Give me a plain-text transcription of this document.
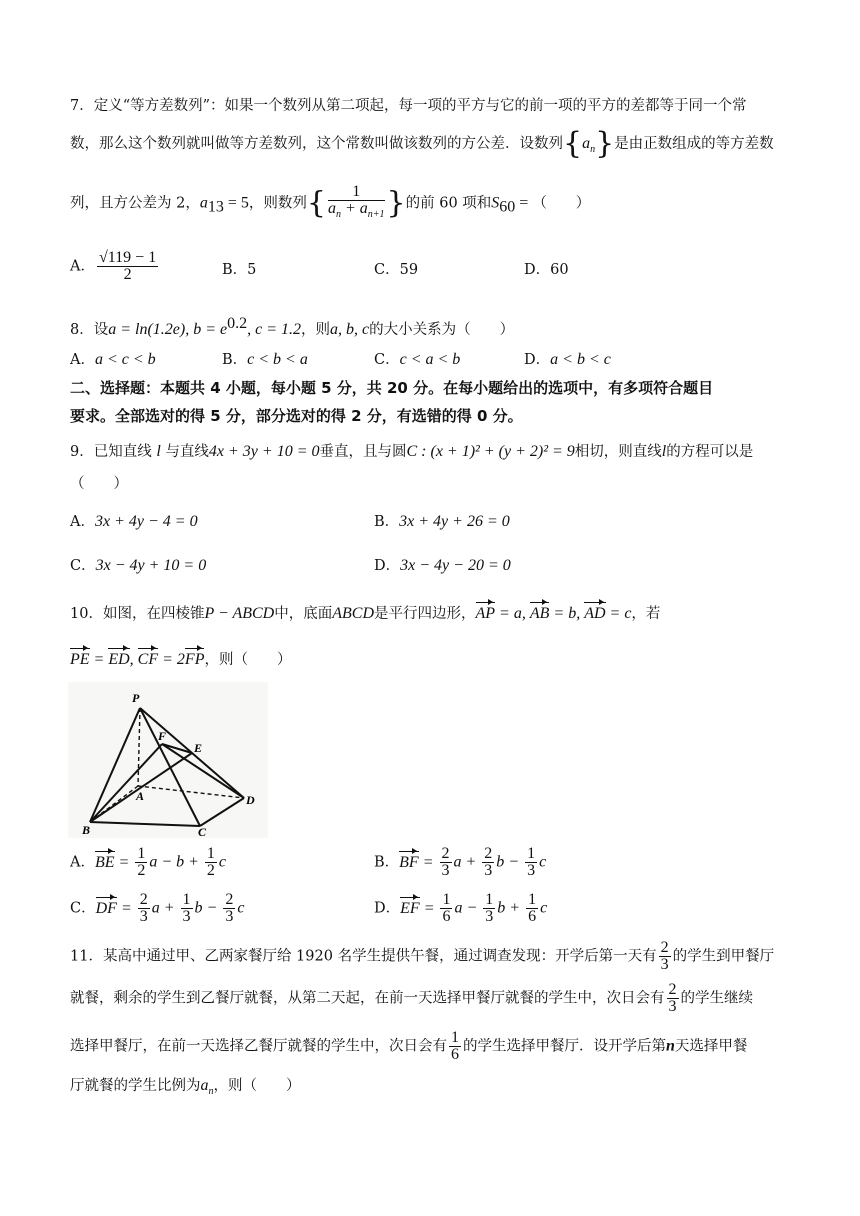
7．定义“等方差数列”：如果一个数列从第二项起，每一项的平方与它的前一项的平方的差都等于同一个常
数，那么这个数列就叫做等方差数列，这个常数叫做该数列的方公差．设数列$\{a_n\}$是由正数组成的等方差数
列，且方公差为 2，$a_{13} = 5$，则数列{ $\frac{1}{a_n + a_{n+1}}$ }的前 60 项和$S_{60}$ = （　　）
A． $\frac{√119 - 1}{2}$	B．5	C．59	D．60
8．设a = ln(1.2e), $b = e^{0.2}$, c = 1.2，则a, b, c的大小关系为（　　）
A．a < c < b	B．c < b < a	C．c < a < b	D．a < b < c
二、选择题：本题共 4 小题，每小题 5 分，共 20 分。在每小题给出的选项中，有多项符合题目
要求。全部选对的得 5 分，部分选对的得 2 分，有选错的得 0 分。
9．已知直线 l 与直线4x + 3y + 10 = 0垂直，且与圆C : (x + 1)² + (y + 2)² = 9相切，则直线l的方程可以是
（　　）
A．3x + 4y − 4 = 0	B．3x + 4y + 26 = 0
C．3x − 4y + 10 = 0	D．3x − 4y − 20 = 0
10．如图，在四棱锥P − ABCD中，底面ABCD是平行四边形，AP = a, AB = b, AD = c，若
PE = ED, CF = 2FP，则（　　）
P
F
E
A	D
B	C
A．BE = $\frac{1}{2}$ $a - b + \frac{1}{2}$ c	B．BF = $\frac{2}{3}$ $a + \frac{2}{3}$ $b - \frac{1}{3}$ c
C．DF = $\frac{2}{3}$ $a + \frac{1}{3}$ $b - \frac{2}{3}$ c	D．EF = $\frac{1}{6}$ $a - \frac{1}{3}$ $b + \frac{1}{6}$ c
11．某高中通过甲、乙两家餐厅给 1920 名学生提供午餐，通过调查发现：开学后第一天有 $\frac{2}{3}$ 的学生到甲餐厅
就餐，剩余的学生到乙餐厅就餐，从第二天起，在前一天选择甲餐厅就餐的学生中，次日会有 $\frac{2}{3}$ 的学生继续
选择甲餐厅，在前一天选择乙餐厅就餐的学生中，次日会有 $\frac{1}{6}$ 的学生选择甲餐厅．设开学后第n天选择甲餐
厅就餐的学生比例为$a_n$，则（　　）
